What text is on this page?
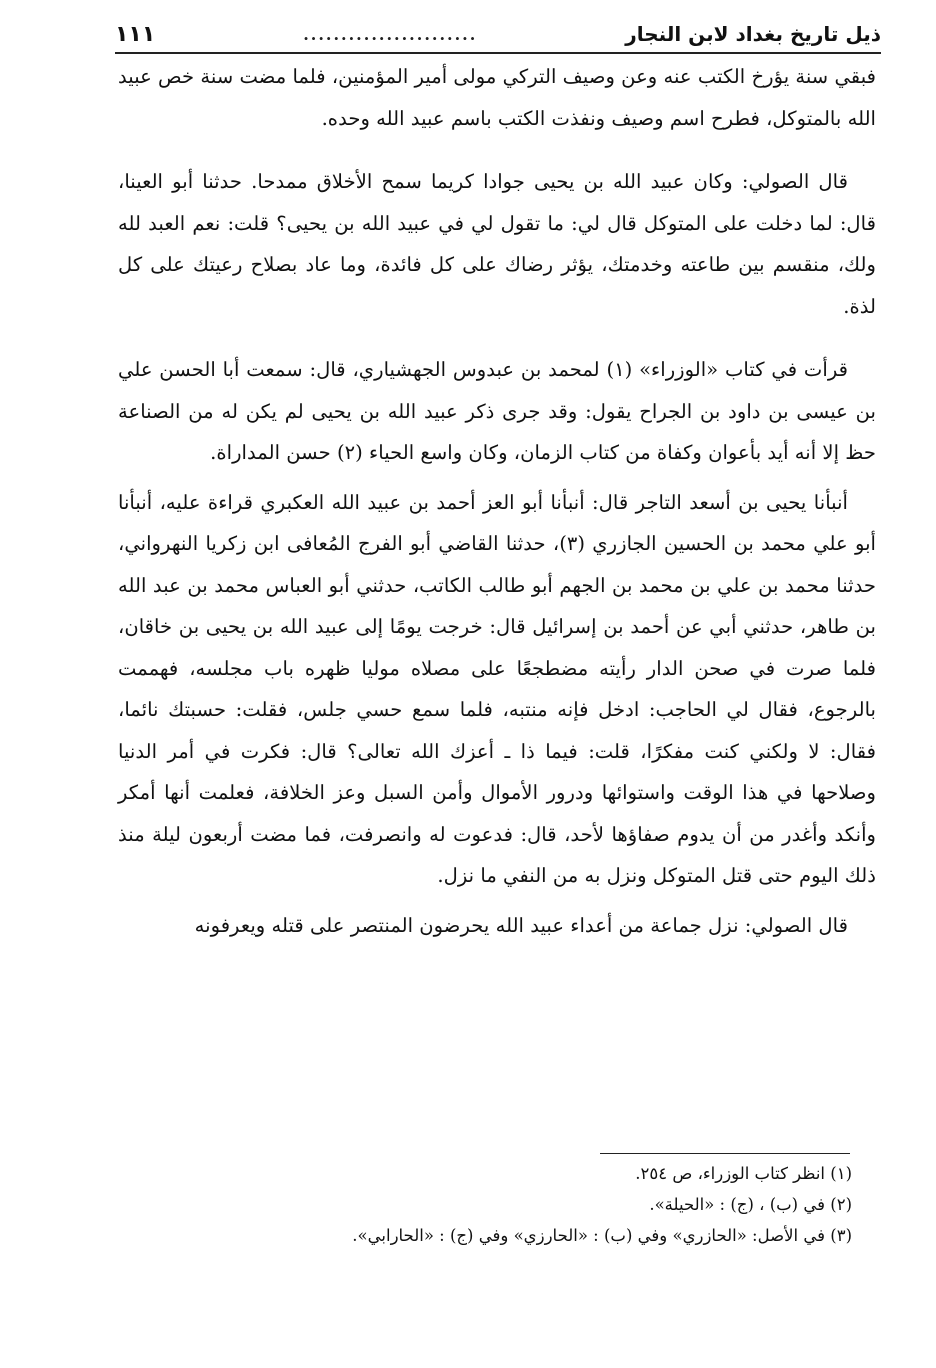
ذيل تاريخ بغداد لابن النجار
.......................
١١١

فبقي سنة يؤرخ الكتب عنه وعن وصيف التركي مولى أمير المؤمنين، فلما مضت سنة خص عبيد الله بالمتوكل، فطرح اسم وصيف ونفذت الكتب باسم عبيد الله وحده.

قال الصولي: وكان عبيد الله بن يحيى جوادا كريما سمح الأخلاق ممدحا. حدثنا أبو العينا، قال: لما دخلت على المتوكل قال لي: ما تقول لي في عبيد الله بن يحيى؟ قلت: نعم العبد لله ولك، منقسم بين طاعته وخدمتك، يؤثر رضاك على كل فائدة، وما عاد بصلاح رعيتك على كل لذة.

قرأت في كتاب «الوزراء» (١) لمحمد بن عبدوس الجهشياري، قال: سمعت أبا الحسن علي بن عيسى بن داود بن الجراح يقول: وقد جرى ذكر عبيد الله بن يحيى لم يكن له من الصناعة حظ إلا أنه أيد بأعوان وكفاة من كتاب الزمان، وكان واسع الحياء (٢) حسن المداراة.

أنبأنا يحيى بن أسعد التاجر قال: أنبأنا أبو العز أحمد بن عبيد الله العكبري قراءة عليه، أنبأنا أبو علي محمد بن الحسين الجازري (٣)، حدثنا القاضي أبو الفرج المُعافى ابن زكريا النهرواني، حدثنا محمد بن علي بن محمد بن الجهم أبو طالب الكاتب، حدثني أبو العباس محمد بن عبد الله بن طاهر، حدثني أبي عن أحمد بن إسرائيل قال: خرجت يومًا إلى عبيد الله بن يحيى بن خاقان، فلما صرت في صحن الدار رأيته مضطجعًا على مصلاه موليا ظهره باب مجلسه، فهممت بالرجوع، فقال لي الحاجب: ادخل فإنه منتبه، فلما سمع حسي جلس، فقلت: حسبتك نائما، فقال: لا ولكني كنت مفكرًا، قلت: فيما ذا ـ أعزك الله تعالى؟ قال: فكرت في أمر الدنيا وصلاحها في هذا الوقت واستوائها ودرور الأموال وأمن السبل وعز الخلافة، فعلمت أنها أمكر وأنكد وأغدر من أن يدوم صفاؤها لأحد، قال: فدعوت له وانصرفت، فما مضت أربعون ليلة منذ ذلك اليوم حتى قتل المتوكل ونزل به من النفي ما نزل.

قال الصولي: نزل جماعة من أعداء عبيد الله يحرضون المنتصر على قتله ويعرفونه

(١) انظر كتاب الوزراء، ص ٢٥٤.

(٢) في (ب) ، (ج) : «الحيلة».

(٣) في الأصل: «الحازري» وفي (ب) : «الحارزي» وفي (ج) : «الحارابي».
